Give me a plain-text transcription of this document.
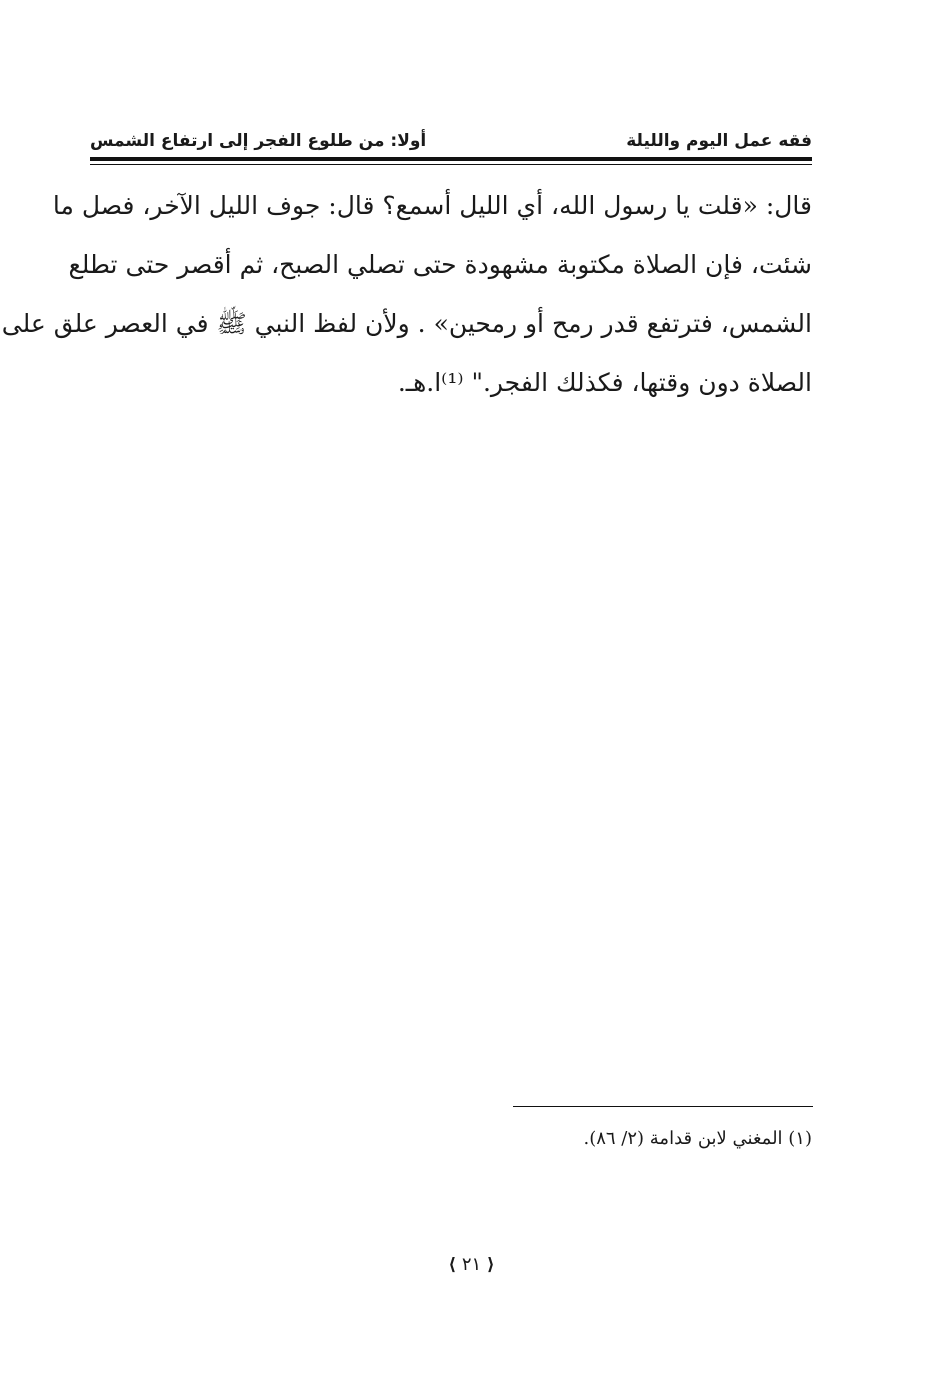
فقه عمل اليوم والليلة
أولا: من طلوع الفجر إلى ارتفاع الشمس
قال: «قلت يا رسول الله، أي الليل أسمع؟ قال: جوف الليل الآخر، فصل ما
شئت، فإن الصلاة مكتوبة مشهودة حتى تصلي الصبح، ثم أقصر حتى تطلع
الشمس، فترتفع قدر رمح أو رمحين» . ولأن لفظ النبي ﷺ في العصر علق على
الصلاة دون وقتها، فكذلك الفجر." ⁽¹⁾ا.هـ.
(١) المغني لابن قدامة (٢/ ٨٦).
⟨ ٢١ ⟩
